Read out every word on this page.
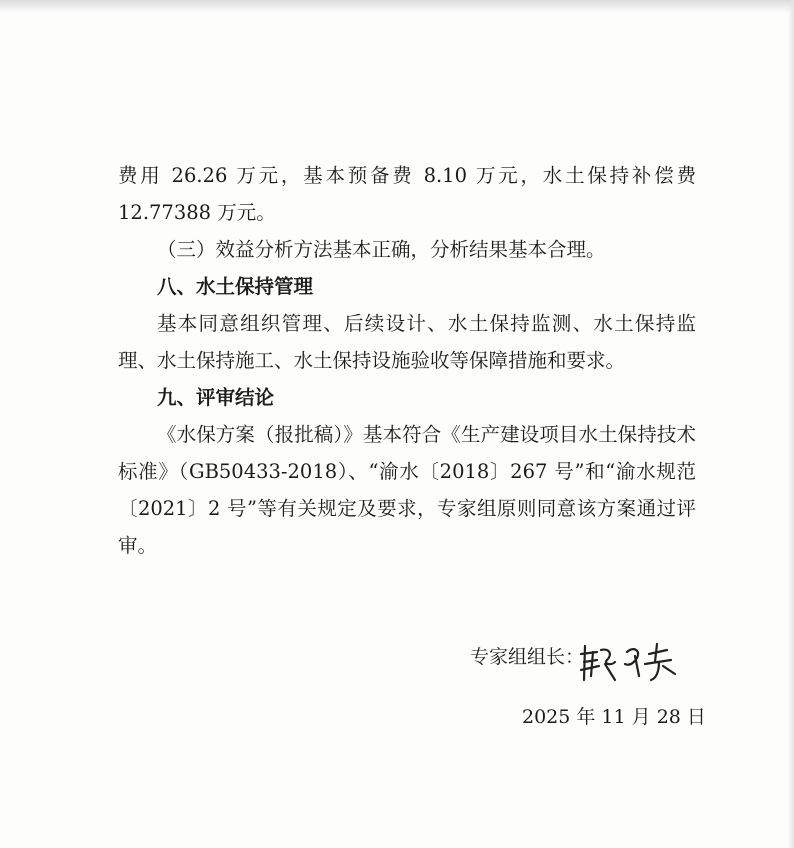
费用 26.26 万元，基本预备费 8.10 万元，水土保持补偿费 12.77388 万元。

（三）效益分析方法基本正确，分析结果基本合理。

八、水土保持管理

基本同意组织管理、后续设计、水土保持监测、水土保持监理、水土保持施工、水土保持设施验收等保障措施和要求。

九、评审结论

《水保方案（报批稿）》基本符合《生产建设项目水土保持技术标准》（GB50433-2018）、“渝水〔2018〕267 号”和“渝水规范〔2021〕2 号”等有关规定及要求，专家组原则同意该方案通过评审。

专家组组长：
2025 年 11 月 28 日
